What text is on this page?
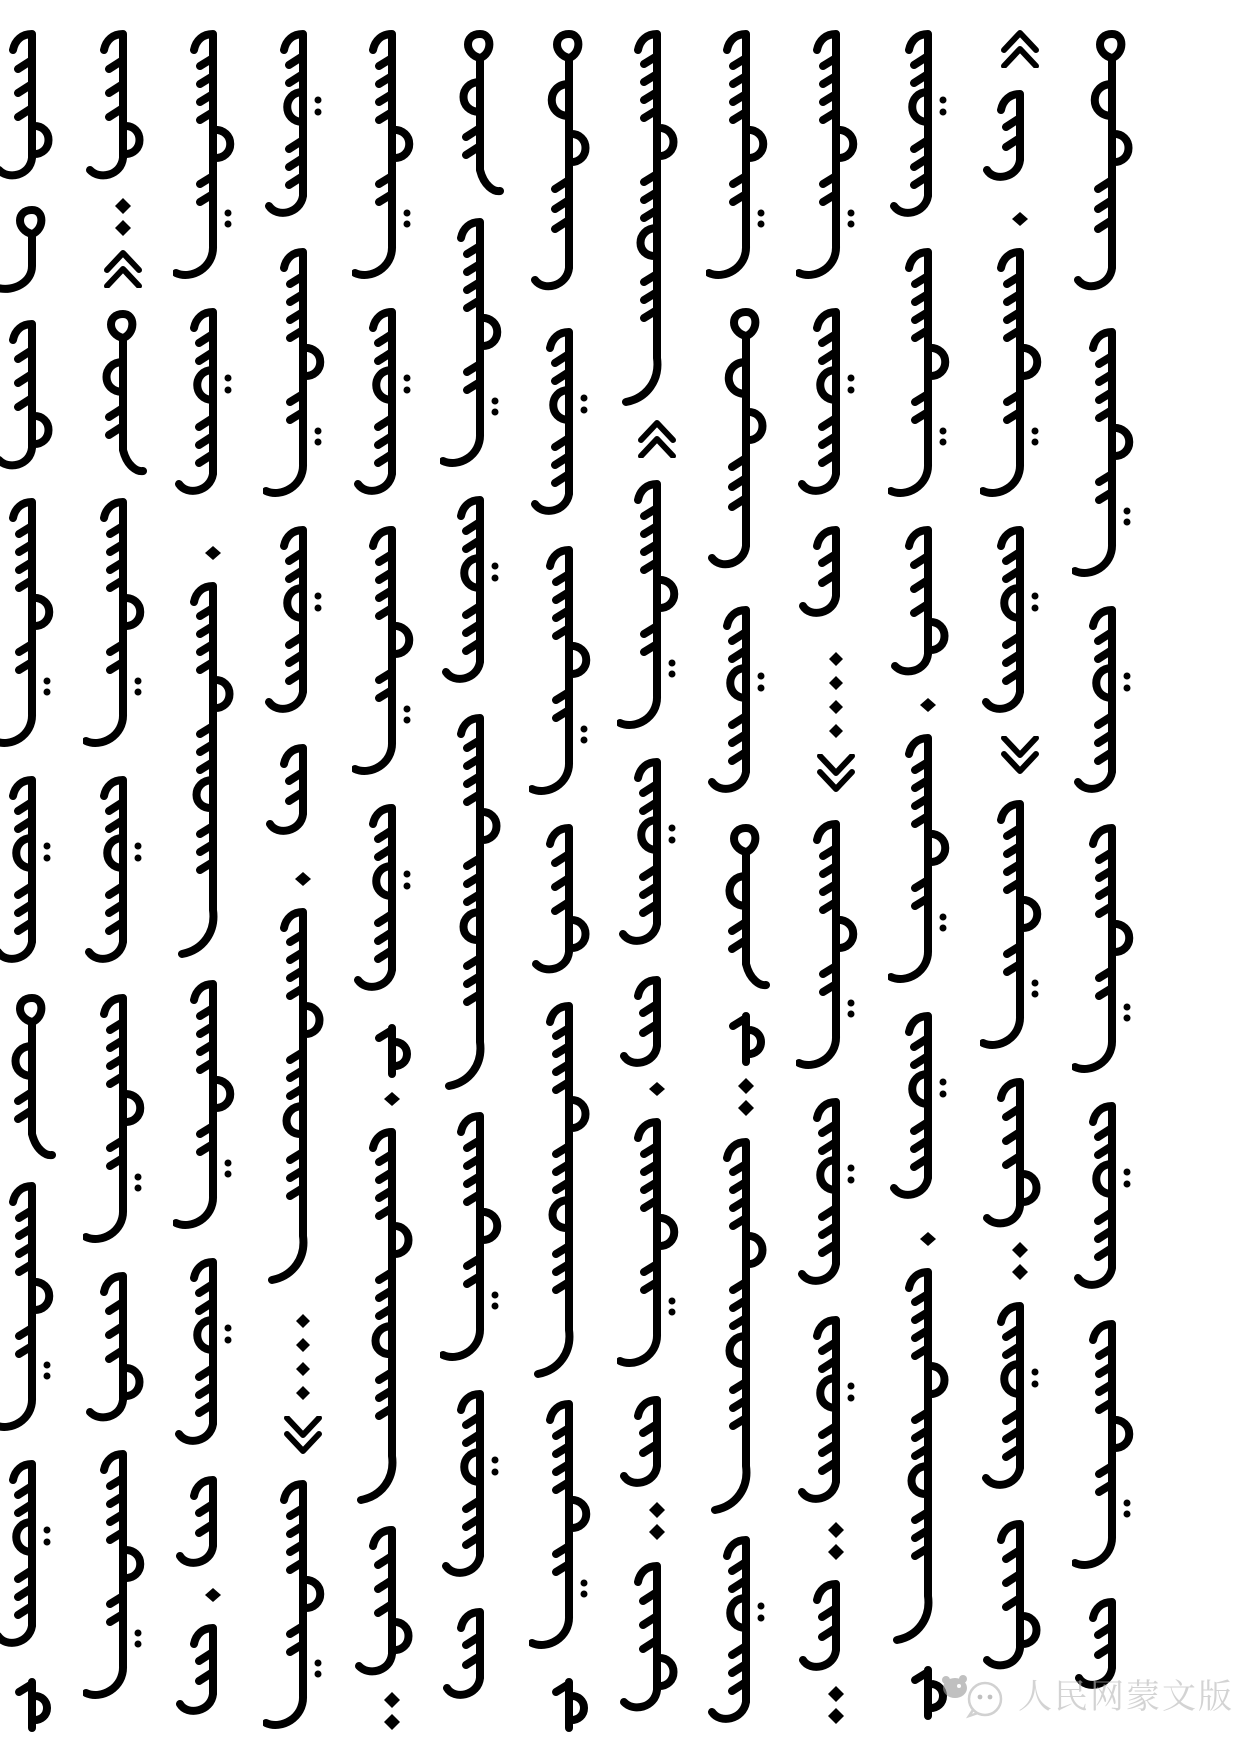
人民网蒙文版
